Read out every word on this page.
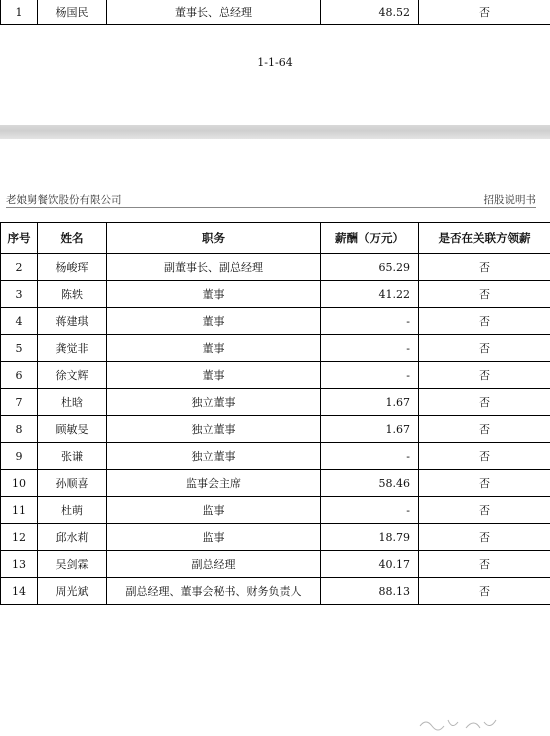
1	杨国民	董事长、总经理	48.52	否
1-1-64
老娘舅餐饮股份有限公司	招股说明书
序号	姓名	职务	薪酬（万元）	是否在关联方领薪
2	杨峻珲	副董事长、副总经理	65.29	否
3	陈轶	董事	41.22	否
4	蒋建琪	董事	-	否
5	龚觉非	董事	-	否
6	徐文辉	董事	-	否
7	杜晗	独立董事	1.67	否
8	顾敏旻	独立董事	1.67	否
9	张谦	独立董事	-	否
10	孙顺喜	监事会主席	58.46	否
11	杜萌	监事	-	否
12	邱水莉	监事	18.79	否
13	吴剑霖	副总经理	40.17	否
14	周光斌	副总经理、董事会秘书、财务负责人	88.13	否
